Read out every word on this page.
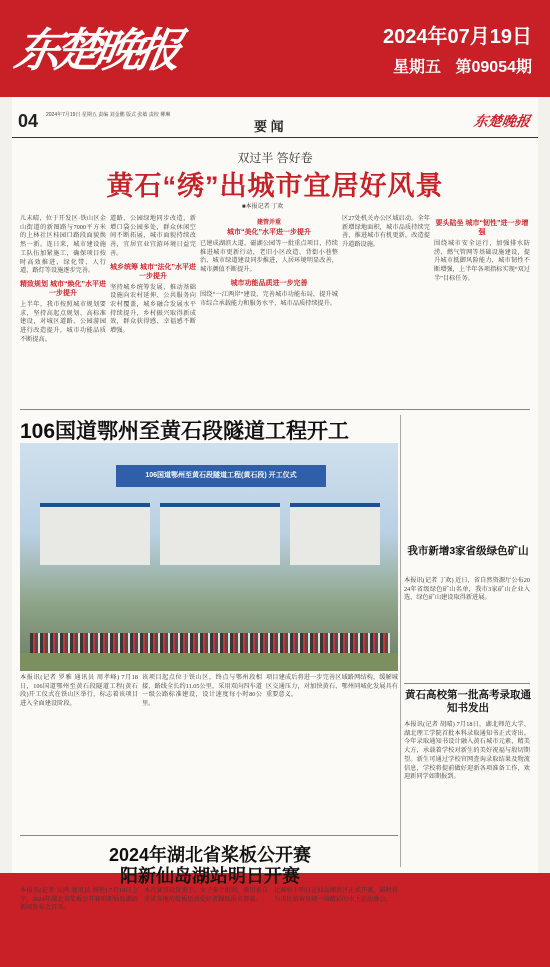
东楚晚报	2024年07月19日
星期五 第09054期
04 2024年7月19日 星期五 责编 刘金鹏 版式 张敏 责校 柳琳
要 闻	东楚晚报
双过半 答好卷
黄石“绣”出城市宜居好风景
■本报记者 丁欢
儿未晴，位于开发区·铁山区金山街道的新图路与7000平方米的上林社区桂园口路段面貌焕然一新。连日来，城市建设施工队伍加紧施工，确保项目按时高效推进，绿化带、人行道、路灯等设施逐步完善。
精致规划 城市“焕化”水平进一步提升
上半年，我市按照城市规划要求，坚持高起点规划、高标准建设，对城区道路、公园游园进行改造提升，城市功能品质不断提高。
道路、公园绿地同步改造，新增口袋公园多处，群众休闲空间不断拓展，城市面貌持续改善，宜居宜业宜游环境日益完善。
城乡统筹 城市“法化”水平进一步提升
坚持城乡统筹发展，推动基础设施向农村延伸、公共服务向农村覆盖，城乡融合发展水平持续提升，乡村振兴取得新成效，群众获得感、幸福感不断增强。
建管并重
城市“美化”水平进一步提升
已建成湖滨大道、磁湖公园等一批重点项目，持续推进城市更新行动，老旧小区改造、背街小巷整治、城市绿道建设同步推进，人居环境明显改善，城市颜值不断提升。
城市功能品质进一步完善
围绕“一江两岸”建设，完善城市功能布局，提升城市综合承载能力和服务水平，城市品质持续提升。
区27处机关办公区域启动。全年新增绿地面积，城市品质持续完善，推进城市有机更新，改造提升道路设施。
要头陆坐 城市“韧性”进一步增强
围绕城市安全运行，加强排水防涝、燃气管网等基础设施建设，提升城市抵御风险能力，城市韧性不断增强，上半年各项指标实现“双过半”目标任务。
106国道鄂州至黄石段隧道工程开工
106国道鄂州至黄石段隧道工程(黄石段) 开工仪式
本报讯(记者 罗雅 通讯员 周孝峰) 7月18日，106国道鄂州至黄石段隧道工程(黄石段)开工仪式在铁山区举行，标志着该项目进入全面建设阶段。
该项目起点位于铁山区，终点与鄂州段相接，路线全长约11.05公里，采用双向四车道一级公路标准建设，设计速度每小时80公里。
项目建成后将进一步完善区域路网结构，缓解城区交通压力，对加快黄石、鄂州同城化发展具有重要意义。
我市新增3家省级绿色矿山
本报讯(记者 丁欢) 近日，省自然资源厅公布2024年省级绿色矿山名单，我市3家矿山企业入选，绿色矿山建设取得新进展。
黄石高校第一批高考录取通知书发出
本报讯(记者 胡晴) 7月18日，湖北师范大学、湖北理工学院首批本科录取通知书正式寄出。今年录取通知书设计融入黄石城市元素，精美大方，承载着学校对新生的美好祝福与殷切期望。新生可通过学校官网查询录取结果及物流信息，学校将提前做好迎新各项准备工作，欢迎新同学如期报到。
2024年湖北省桨板公开赛
阳新仙岛湖站明日开赛
本报讯(记者 吴鸿 通讯员 刘艳) 7月19日上午，2024年湖北省桨板公开赛阳新仙岛湖站新闻发布会召开。
本次赛事设置男子、女子多个组别，吸引来自全省各地的桨板运动爱好者踊跃报名参赛。
比赛将于明日在仙岛湖景区正式开赛，届时将为市民游客呈现一场精彩的水上运动盛会。
